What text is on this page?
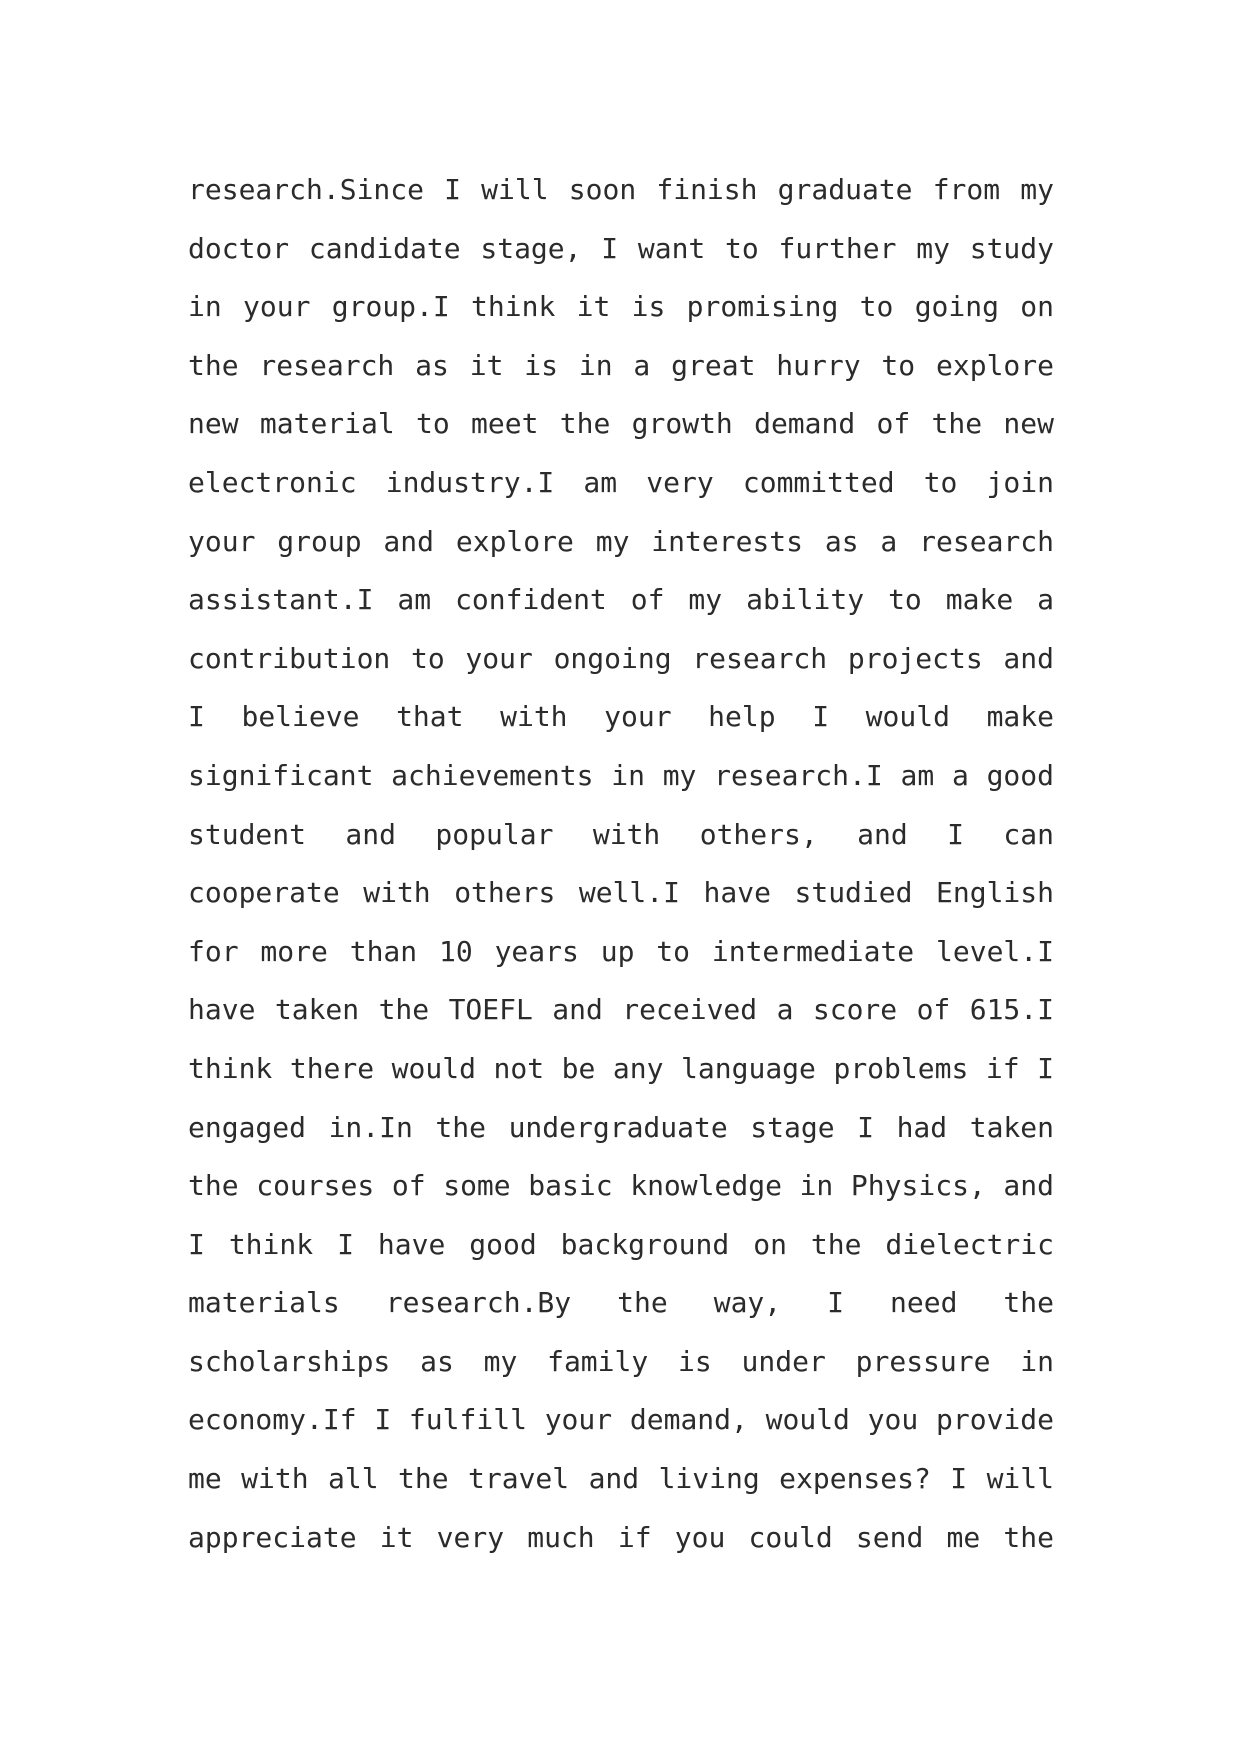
research.Since I will soon finish graduate from my
doctor candidate stage, I want to further my study
in your group.I think it is promising to going on
the research as it is in a great hurry to explore
new material to meet the growth demand of the new
electronic industry.I am very committed to join
your group and explore my interests as a research
assistant.I am confident of my ability to make a
contribution to your ongoing research projects and
I believe that with your help I would make
significant achievements in my research.I am a good
student and popular with others, and I can
cooperate with others well.I have studied English
for more than 10 years up to intermediate level.I
have taken the TOEFL and received a score of 615.I
think there would not be any language problems if I
engaged in.In the undergraduate stage I had taken
the courses of some basic knowledge in Physics, and
I think I have good background on the dielectric
materials research.By the way, I need the
scholarships as my family is under pressure in
economy.If I fulfill your demand, would you provide
me with all the travel and living expenses? I will
appreciate it very much if you could send me the
